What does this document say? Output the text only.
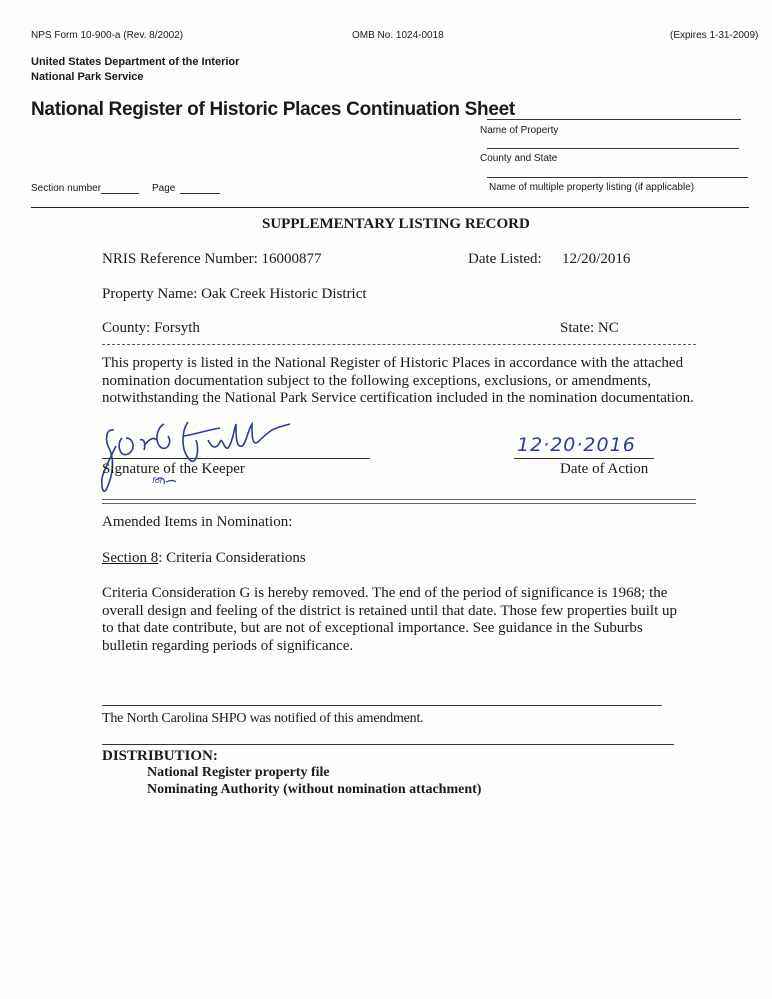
NPS Form 10-900-a (Rev. 8/2002)	OMB No. 1024-0018	(Expires 1-31-2009)
United States Department of the Interior
National Park Service
National Register of Historic Places Continuation Sheet
Name of Property
County and State
Name of multiple property listing (if applicable)
Section number	Page
SUPPLEMENTARY LISTING RECORD
NRIS Reference Number: 16000877	Date Listed: 12/20/2016
Property Name: Oak Creek Historic District
County: Forsyth	State: NC
This property is listed in the National Register of Historic Places in accordance with the attached
nomination documentation subject to the following exceptions, exclusions, or amendments,
notwithstanding the National Park Service certification included in the nomination documentation.
Signature of the Keeper
for
12·20·2016
Date of Action
Amended Items in Nomination:
Section 8: Criteria Considerations
Criteria Consideration G is hereby removed. The end of the period of significance is 1968; the
overall design and feeling of the district is retained until that date. Those few properties built up
to that date contribute, but are not of exceptional importance. See guidance in the Suburbs
bulletin regarding periods of significance.
The North Carolina SHPO was notified of this amendment.
DISTRIBUTION:
National Register property file
Nominating Authority (without nomination attachment)
